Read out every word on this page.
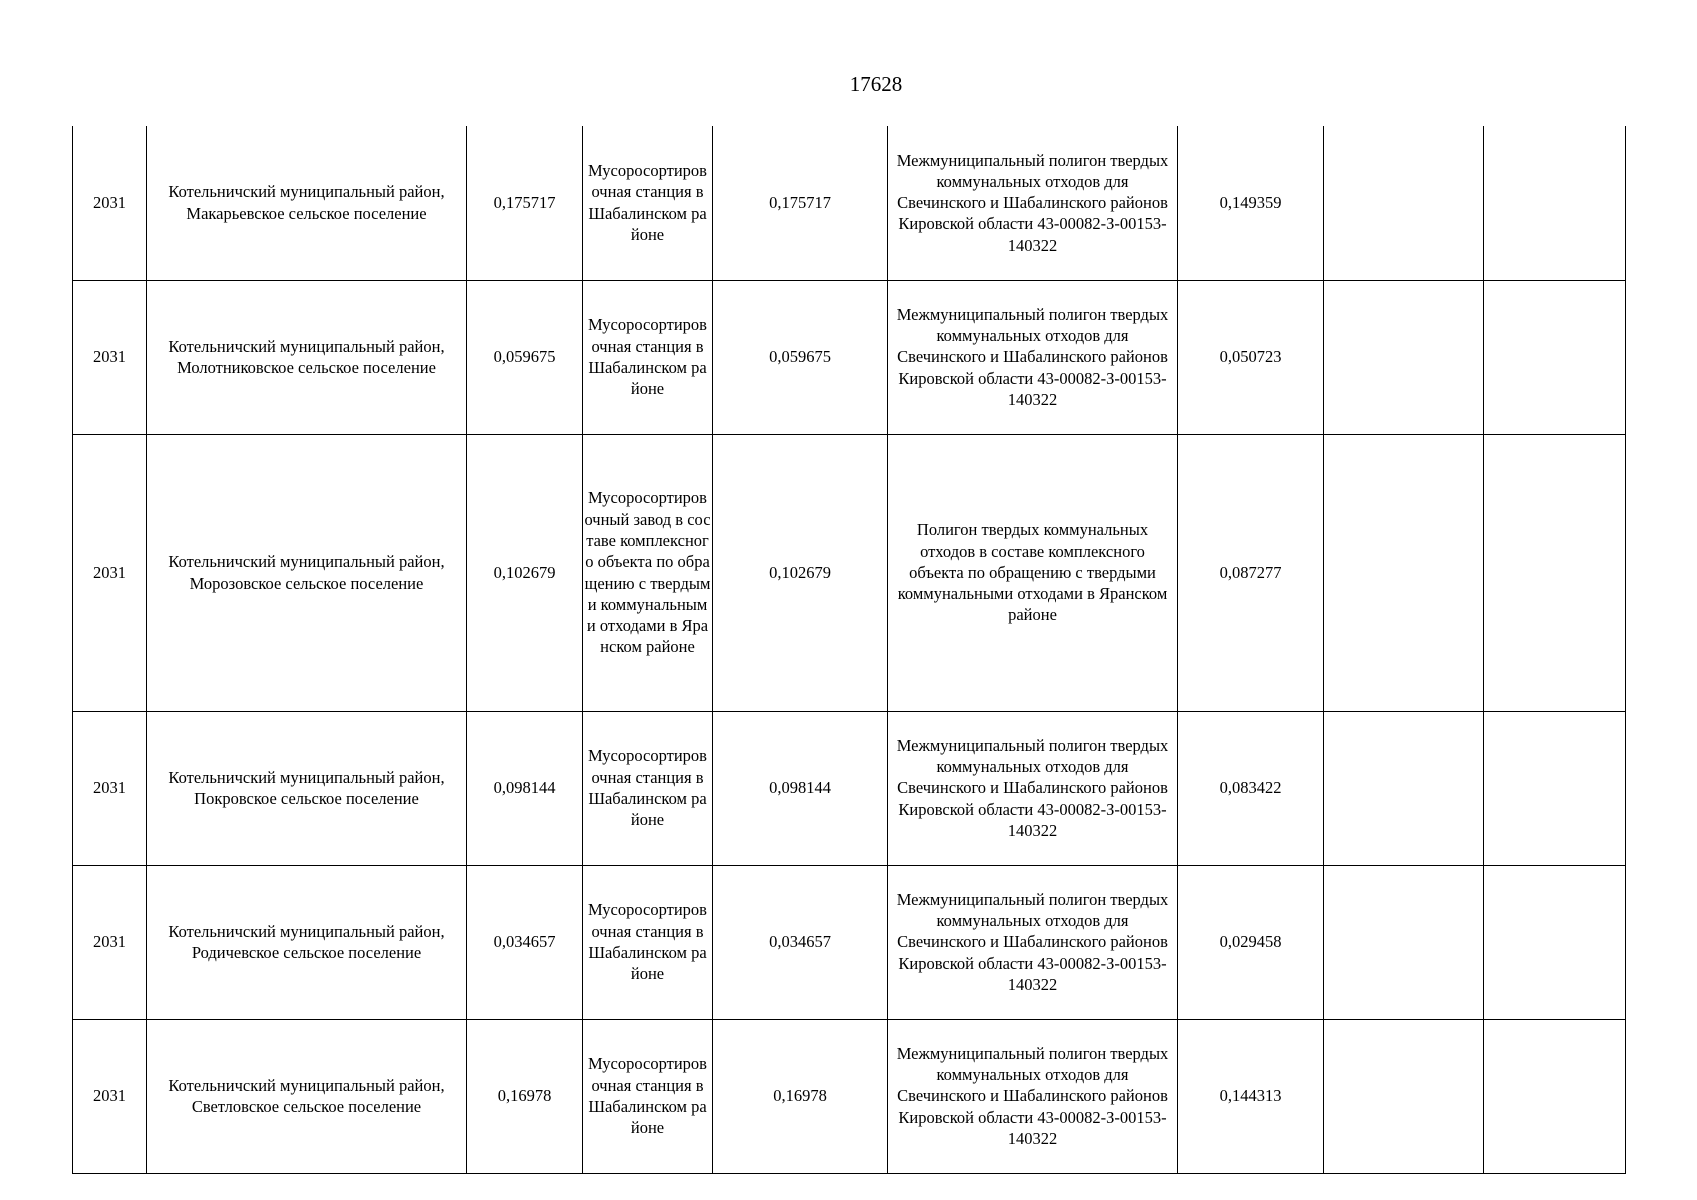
17628
2031	Котельничский муниципальный район, Макарьевское сельское поселение	0,175717	Мусоросортировочная станция в Шабалинском районе	0,175717	Межмуниципальный полигон твердых коммунальных отходов для Свечинского и Шабалинского районов Кировской области 43-00082-З-00153-140322	0,149359		
2031	Котельничский муниципальный район, Молотниковское сельское поселение	0,059675	Мусоросортировочная станция в Шабалинском районе	0,059675	Межмуниципальный полигон твердых коммунальных отходов для Свечинского и Шабалинского районов Кировской области 43-00082-З-00153-140322	0,050723		
2031	Котельничский муниципальный район, Морозовское сельское поселение	0,102679	Мусоросортировочный завод в составе комплексного объекта по обращению с твердыми коммунальными отходами в Яранском районе	0,102679	Полигон твердых коммунальных отходов в составе комплексного объекта по обращению с твердыми коммунальными отходами в Яранском районе	0,087277		
2031	Котельничский муниципальный район, Покровское сельское поселение	0,098144	Мусоросортировочная станция в Шабалинском районе	0,098144	Межмуниципальный полигон твердых коммунальных отходов для Свечинского и Шабалинского районов Кировской области 43-00082-З-00153-140322	0,083422		
2031	Котельничский муниципальный район, Родичевское сельское поселение	0,034657	Мусоросортировочная станция в Шабалинском районе	0,034657	Межмуниципальный полигон твердых коммунальных отходов для Свечинского и Шабалинского районов Кировской области 43-00082-З-00153-140322	0,029458		
2031	Котельничский муниципальный район, Светловское сельское поселение	0,16978	Мусоросортировочная станция в Шабалинском районе	0,16978	Межмуниципальный полигон твердых коммунальных отходов для Свечинского и Шабалинского районов Кировской области 43-00082-З-00153-140322	0,144313		
